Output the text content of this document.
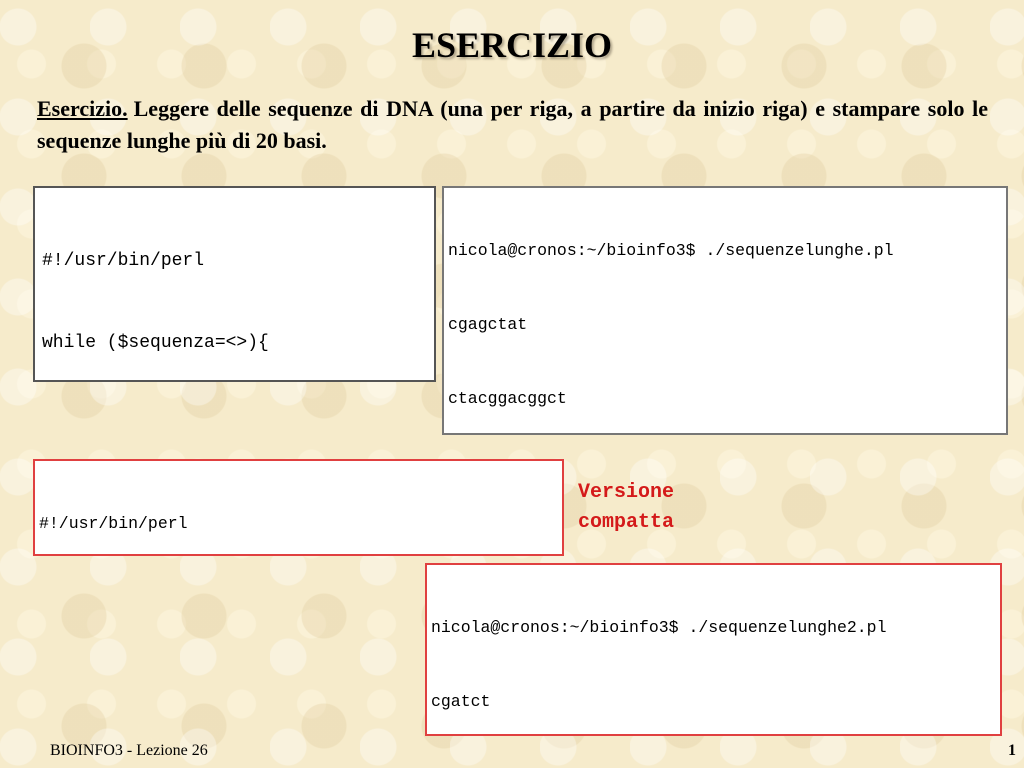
ESERCIZIO
Esercizio. Leggere delle sequenze di DNA (una per riga, a partire da inizio riga) e stampare solo le sequenze lunghe più di 20 basi.

#!/usr/bin/perl

while ($sequenza=<>){

nicola@cronos:~/bioinfo3$ ./sequenzelunghe.pl

cgagctat

ctacggacggct

#!/usr/bin/perl

Versione
compatta

nicola@cronos:~/bioinfo3$ ./sequenzelunghe2.pl

cgatct

BIOINFO3 - Lezione 26	1
